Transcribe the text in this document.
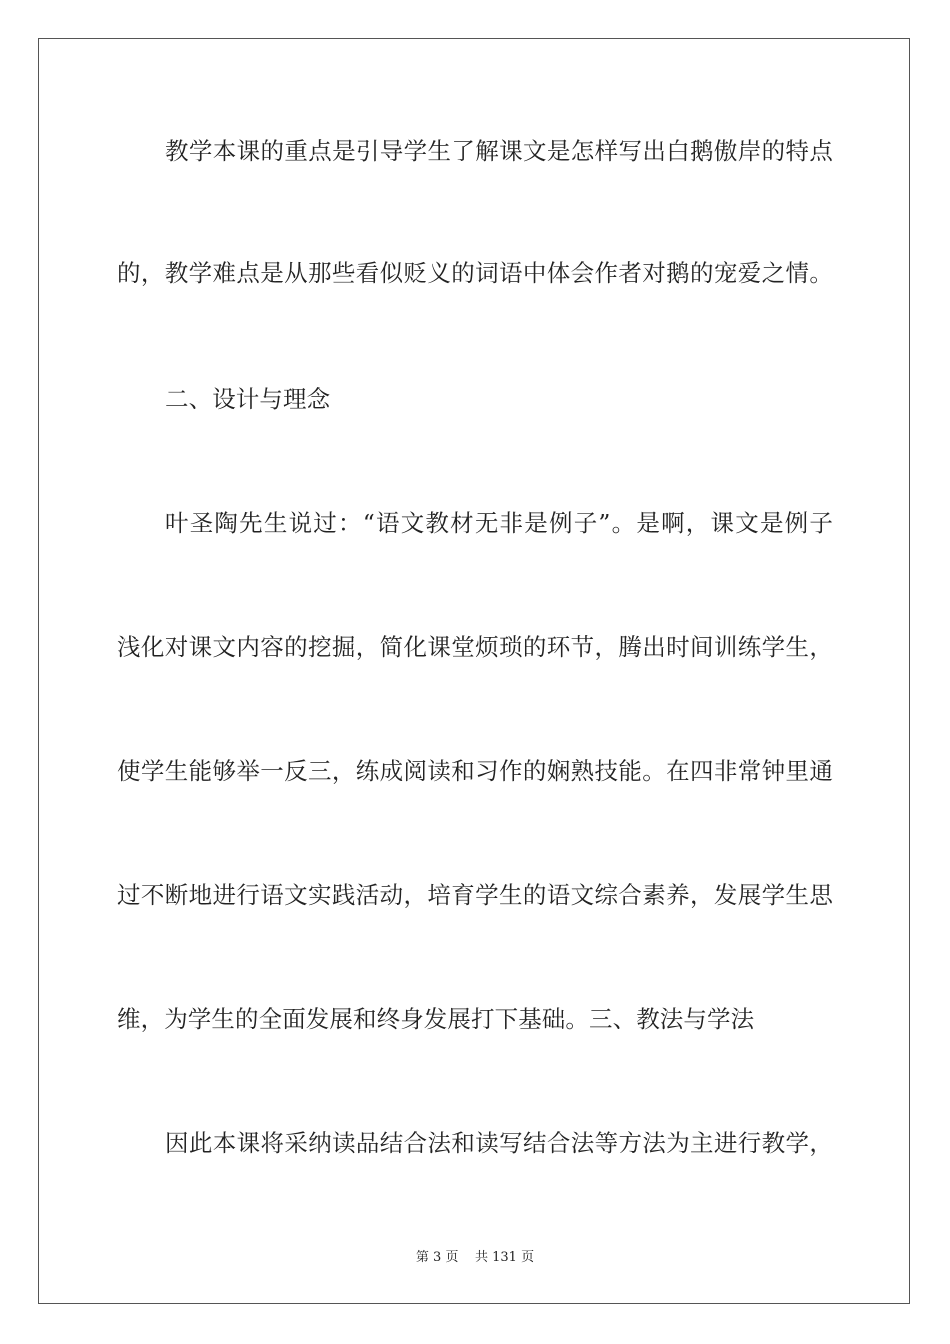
教学本课的重点是引导学生了解课文是怎样写出白鹅傲岸的特点
的，教学难点是从那些看似贬义的词语中体会作者对鹅的宠爱之情。
二、设计与理念
叶圣陶先生说过：“语文教材无非是例子”。是啊，课文是例子
浅化对课文内容的挖掘，简化课堂烦琐的环节，腾出时间训练学生，
使学生能够举一反三，练成阅读和习作的娴熟技能。在四非常钟里通
过不断地进行语文实践活动，培育学生的语文综合素养，发展学生思
维，为学生的全面发展和终身发展打下基础。三、教法与学法
因此本课将采纳读品结合法和读写结合法等方法为主进行教学，
第 3 页    共 131 页
